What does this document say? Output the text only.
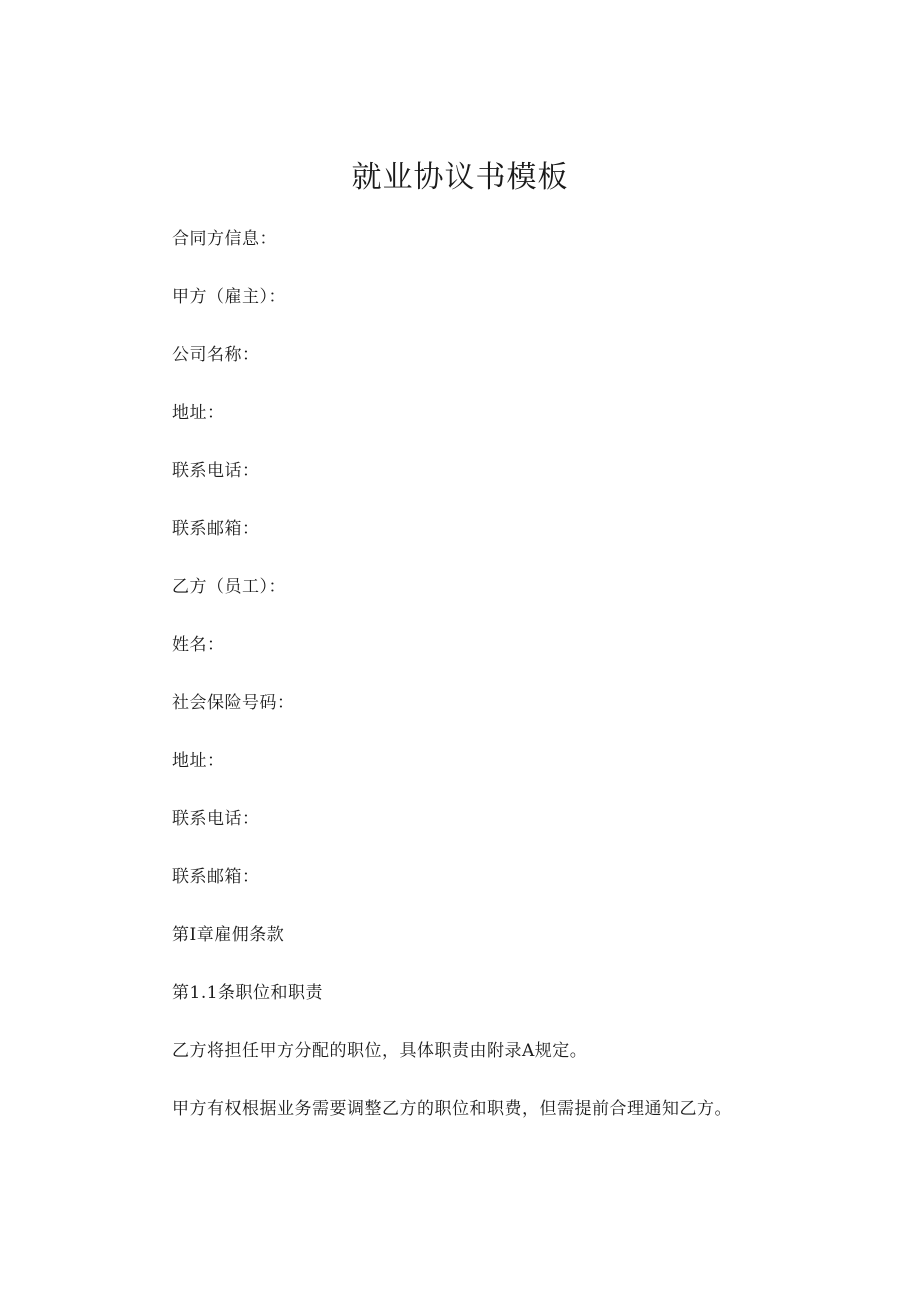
就业协议书模板
合同方信息：
甲方（雇主）：
公司名称：
地址：
联系电话：
联系邮箱：
乙方（员工）：
姓名：
社会保险号码：
地址：
联系电话：
联系邮箱：
第Ⅰ章雇佣条款
第1.1条职位和职责
乙方将担任甲方分配的职位，具体职责由附录A规定。
甲方有权根据业务需要调整乙方的职位和职费，但需提前合理通知乙方。
